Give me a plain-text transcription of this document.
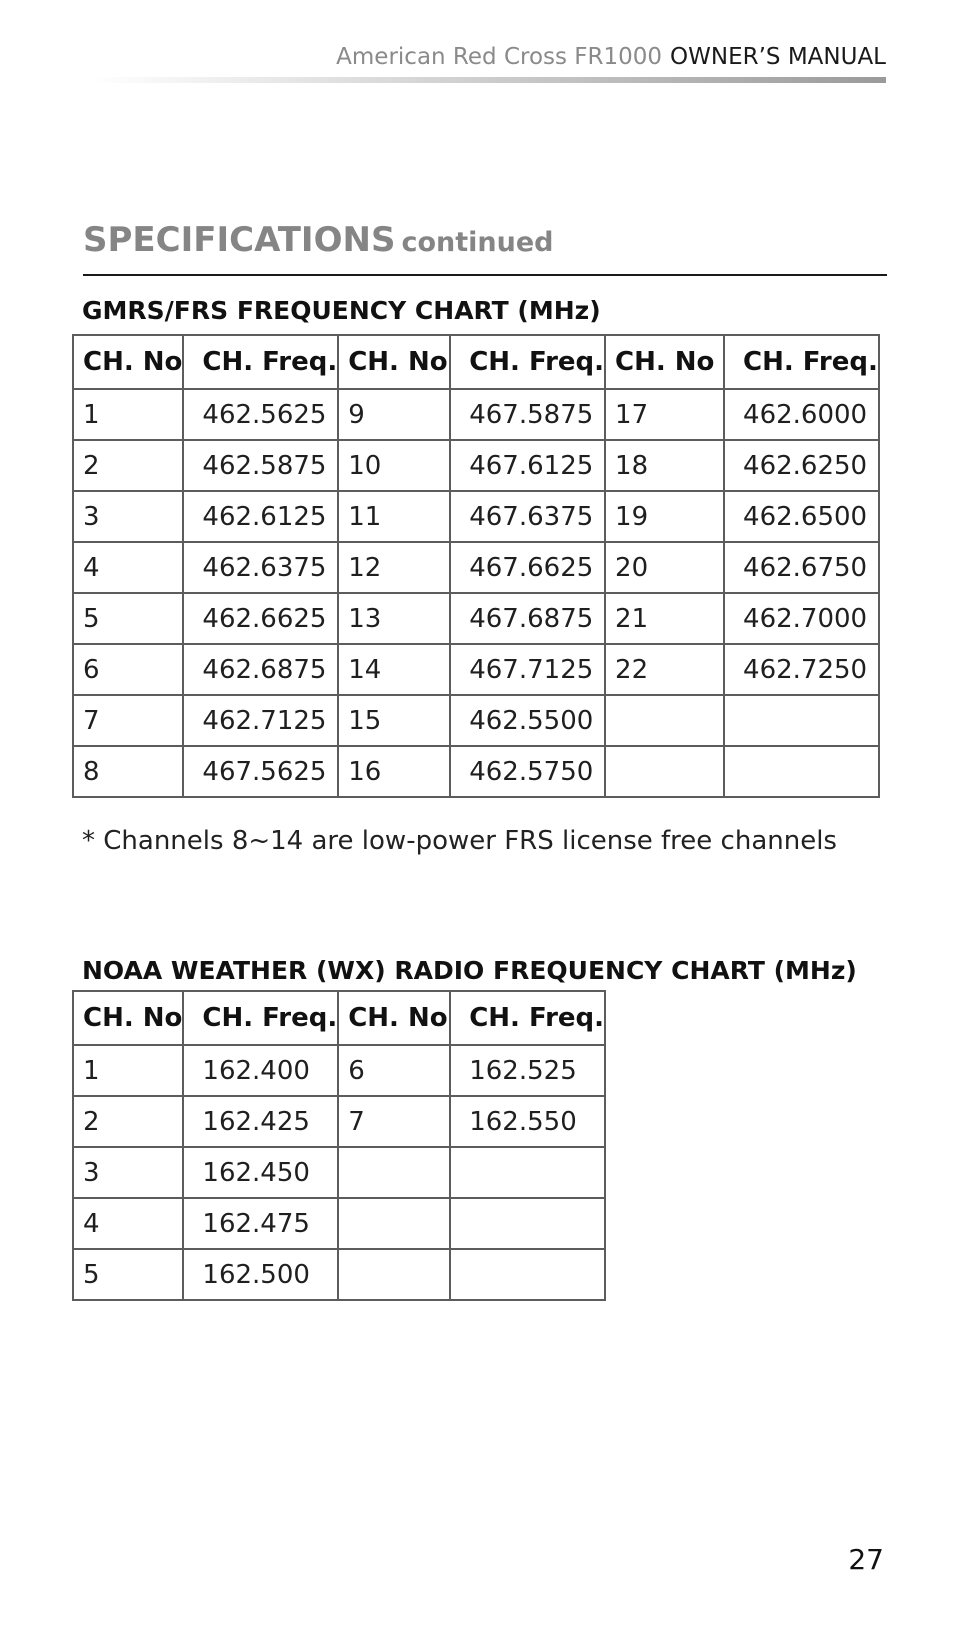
American Red Cross FR1000 OWNER’S MANUAL
SPECIFICATIONS continued
GMRS/FRS FREQUENCY CHART (MHz)
CH. No	CH. Freq.	CH. No	CH. Freq.	CH. No	CH. Freq.
1	462.5625	9	467.5875	17	462.6000
2	462.5875	10	467.6125	18	462.6250
3	462.6125	11	467.6375	19	462.6500
4	462.6375	12	467.6625	20	462.6750
5	462.6625	13	467.6875	21	462.7000
6	462.6875	14	467.7125	22	462.7250
7	462.7125	15	462.5500		
8	467.5625	16	462.5750		
* Channels 8~14 are low-power FRS license free channels
NOAA WEATHER (WX) RADIO FREQUENCY CHART (MHz)
CH. No	CH. Freq.	CH. No	CH. Freq.
1	162.400	6	162.525
2	162.425	7	162.550
3	162.450		
4	162.475		
5	162.500		
27
